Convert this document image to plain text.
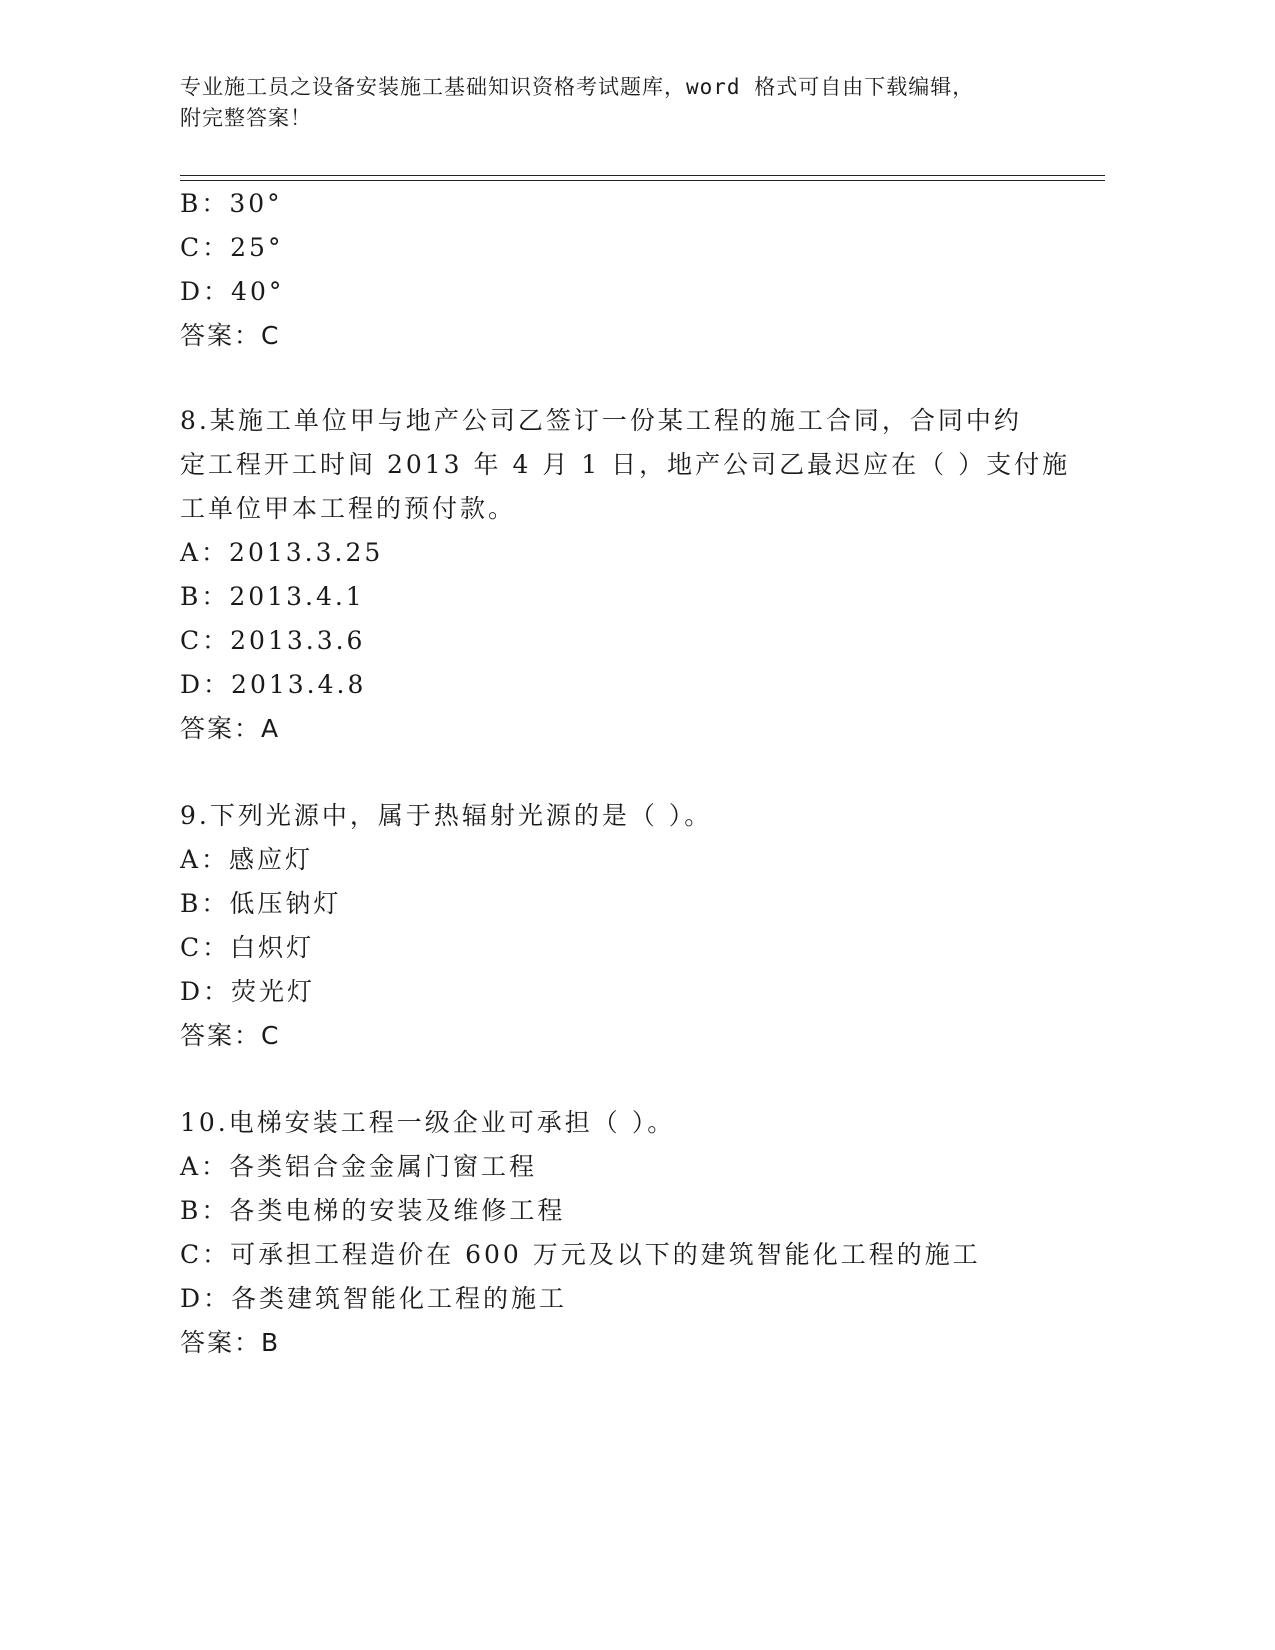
专业施工员之设备安装施工基础知识资格考试题库，word 格式可自由下载编辑，
附完整答案！
B：30°
C：25°
D：40°
答案：C
8.某施工单位甲与地产公司乙签订一份某工程的施工合同，合同中约
定工程开工时间 2013 年 4 月 1 日，地产公司乙最迟应在（ ）支付施
工单位甲本工程的预付款。
A：2013.3.25
B：2013.4.1
C：2013.3.6
D：2013.4.8
答案：A
9.下列光源中，属于热辐射光源的是（ ）。
A：感应灯
B：低压钠灯
C：白炽灯
D：荧光灯
答案：C
10.电梯安装工程一级企业可承担（ ）。
A：各类铝合金金属门窗工程
B：各类电梯的安装及维修工程
C：可承担工程造价在 600 万元及以下的建筑智能化工程的施工
D：各类建筑智能化工程的施工
答案：B
